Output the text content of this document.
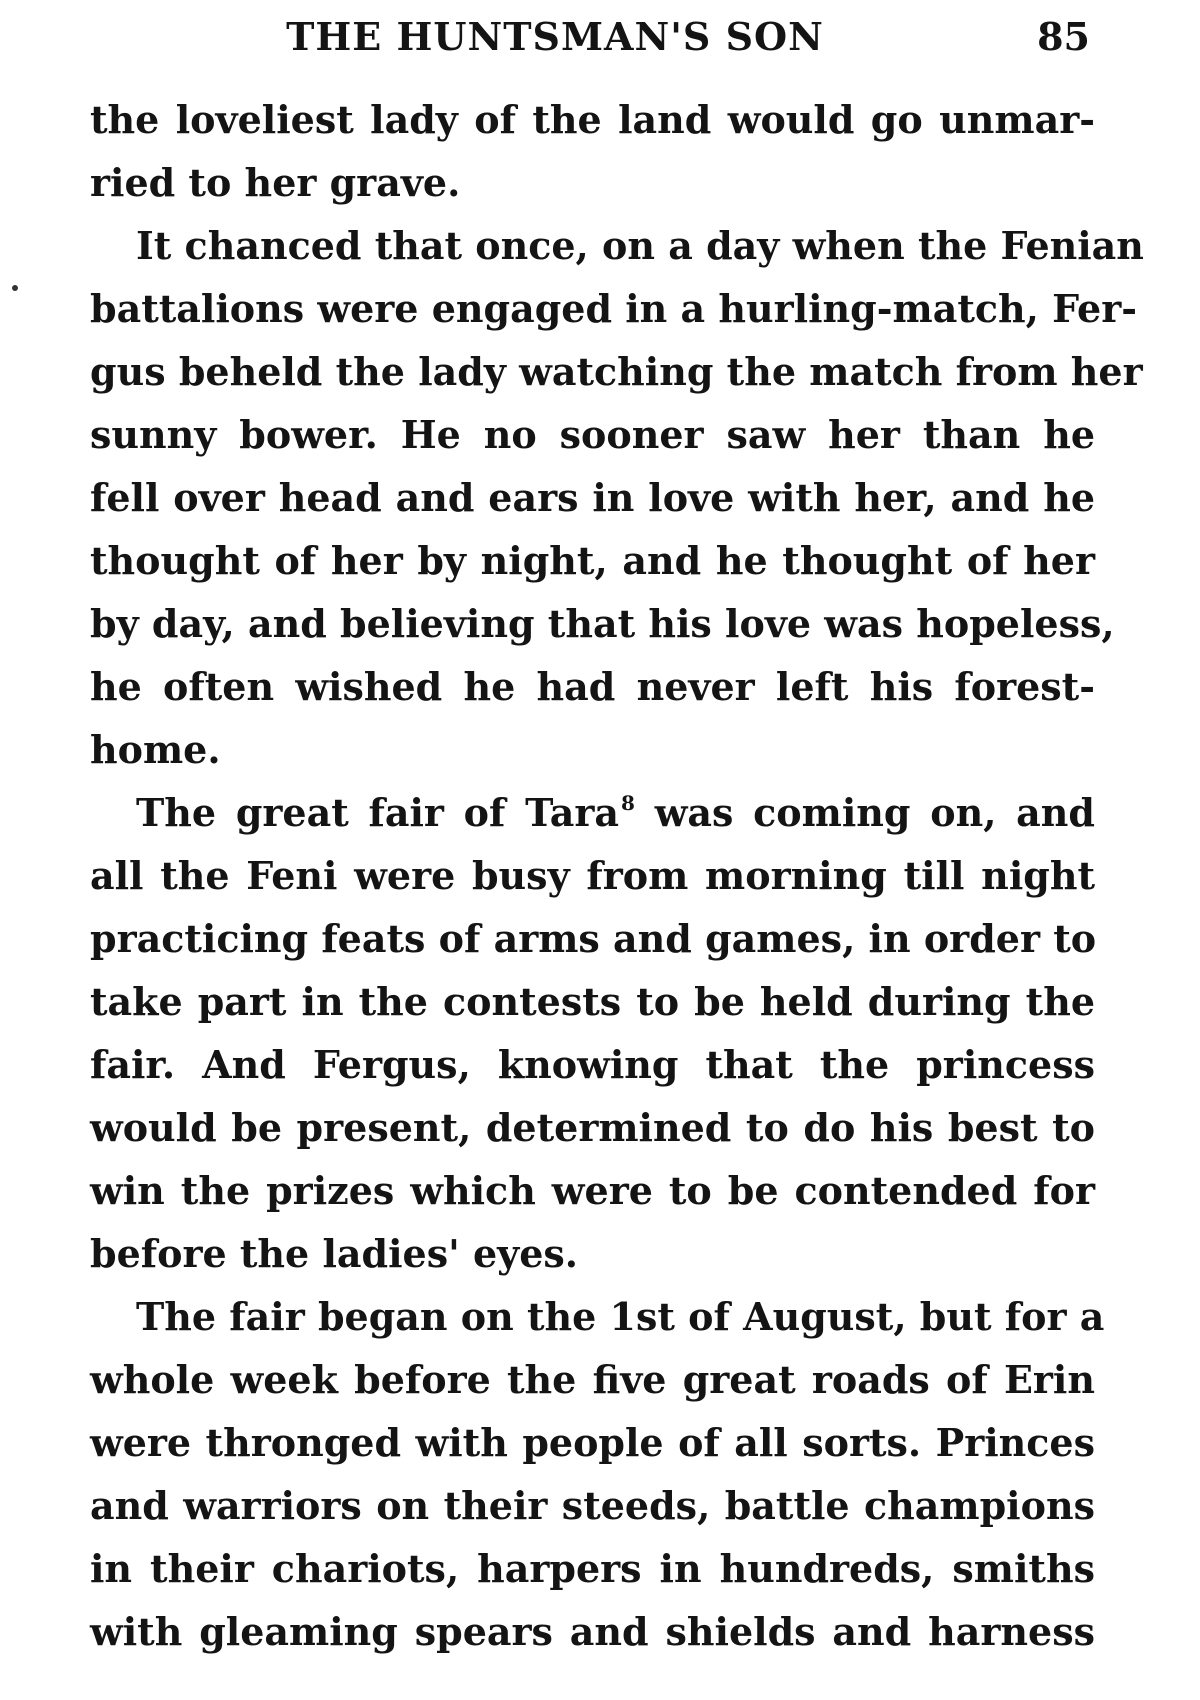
THE HUNTSMAN'S SON	85

the loveliest lady of the land would go unmar-
ried to her grave.

It chanced that once, on a day when the Fenian
battalions were engaged in a hurling-match, Fer-
gus beheld the lady watching the match from her
sunny bower. He no sooner saw her than he
fell over head and ears in love with her, and he
thought of her by night, and he thought of her
by day, and believing that his love was hopeless,
he often wished he had never left his forest-
home.

The great fair of Tara $^8$ was coming on, and
all the Feni were busy from morning till night
practicing feats of arms and games, in order to
take part in the contests to be held during the
fair. And Fergus, knowing that the princess
would be present, determined to do his best to
win the prizes which were to be contended for
before the ladies' eyes.

The fair began on the 1st of August, but for a
whole week before the five great roads of Erin
were thronged with people of all sorts. Princes
and warriors on their steeds, battle champions
in their chariots, harpers in hundreds, smiths
with gleaming spears and shields and harness
